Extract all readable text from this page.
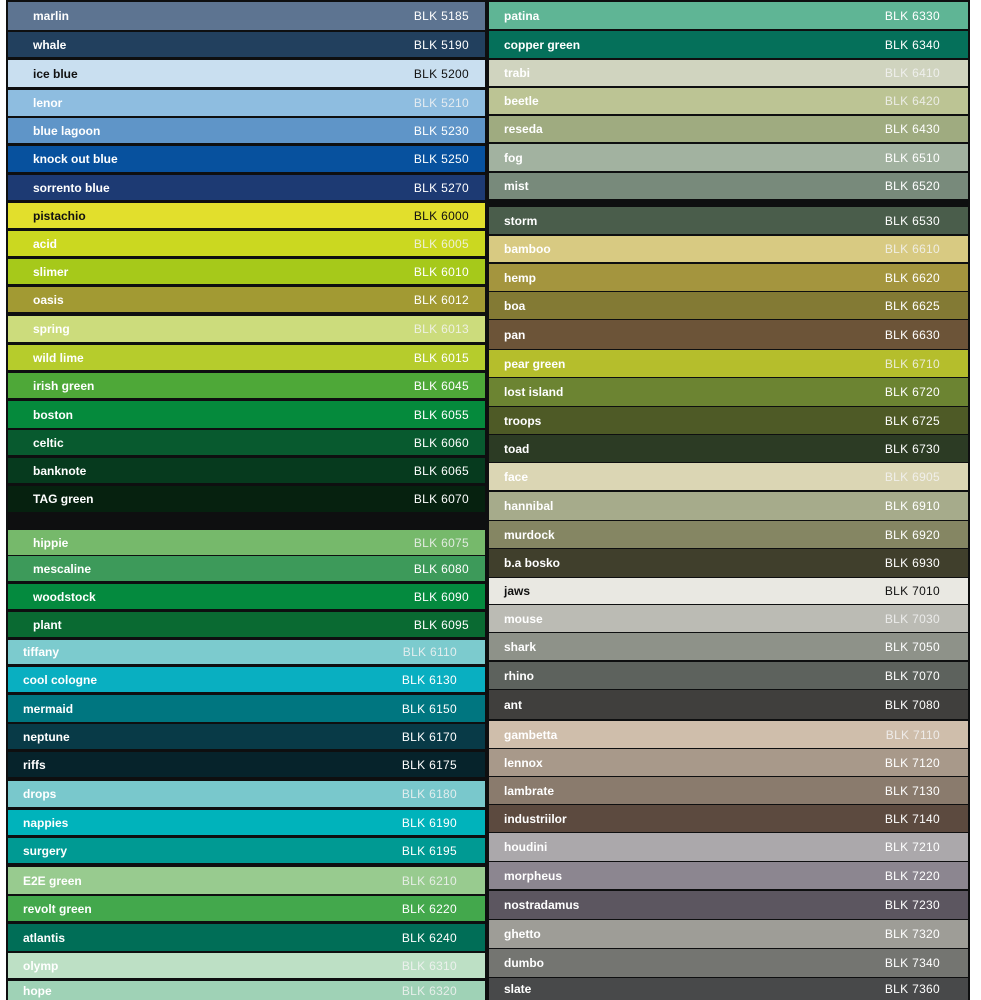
marlin	BLK 5185
whale	BLK 5190
ice blue	BLK 5200
lenor	BLK 5210
blue lagoon	BLK 5230
knock out blue	BLK 5250
sorrento blue	BLK 5270
pistachio	BLK 6000
acid	BLK 6005
slimer	BLK 6010
oasis	BLK 6012
spring	BLK 6013
wild lime	BLK 6015
irish green	BLK 6045
boston	BLK 6055
celtic	BLK 6060
banknote	BLK 6065
TAG green	BLK 6070
hippie	BLK 6075
mescaline	BLK 6080
woodstock	BLK 6090
plant	BLK 6095
tiffany	BLK 6110
cool cologne	BLK 6130
mermaid	BLK 6150
neptune	BLK 6170
riffs	BLK 6175
drops	BLK 6180
nappies	BLK 6190
surgery	BLK 6195
E2E green	BLK 6210
revolt green	BLK 6220
atlantis	BLK 6240
olymp	BLK 6310
hope	BLK 6320
patina	BLK 6330
copper green	BLK 6340
trabi	BLK 6410
beetle	BLK 6420
reseda	BLK 6430
fog	BLK 6510
mist	BLK 6520
storm	BLK 6530
bamboo	BLK 6610
hemp	BLK 6620
boa	BLK 6625
pan	BLK 6630
pear green	BLK 6710
lost island	BLK 6720
troops	BLK 6725
toad	BLK 6730
face	BLK 6905
hannibal	BLK 6910
murdock	BLK 6920
b.a bosko	BLK 6930
jaws	BLK 7010
mouse	BLK 7030
shark	BLK 7050
rhino	BLK 7070
ant	BLK 7080
gambetta	BLK 7110
lennox	BLK 7120
lambrate	BLK 7130
industriilor	BLK 7140
houdini	BLK 7210
morpheus	BLK 7220
nostradamus	BLK 7230
ghetto	BLK 7320
dumbo	BLK 7340
slate	BLK 7360
